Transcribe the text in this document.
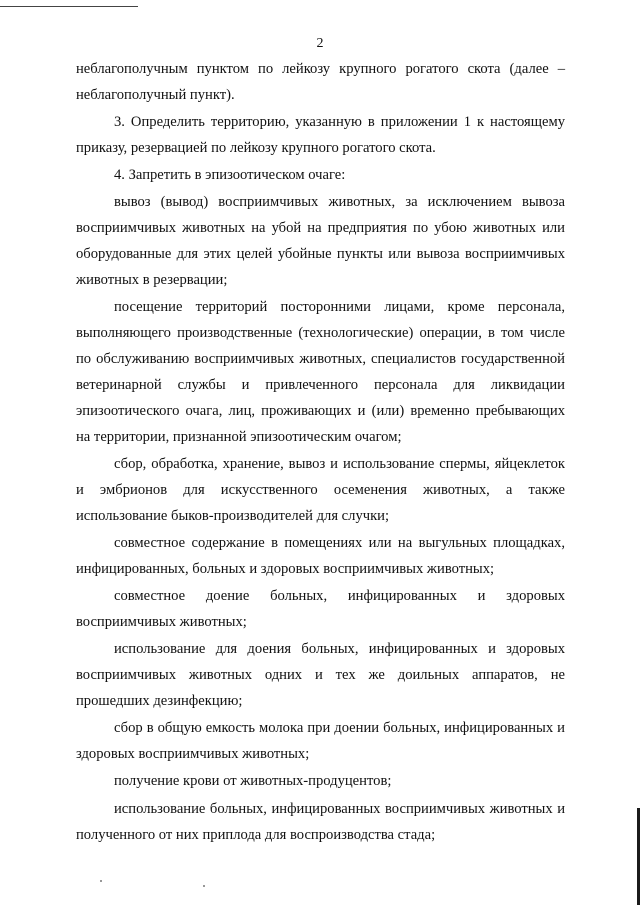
2

неблагополучным пунктом по лейкозу крупного рогатого скота (далее – неблагополучный пункт).

3. Определить территорию, указанную в приложении 1 к настоящему приказу, резервацией по лейкозу крупного рогатого скота.

4. Запретить в эпизоотическом очаге:

вывоз (вывод) восприимчивых животных, за исключением вывоза восприимчивых животных на убой на предприятия по убою животных или оборудованные для этих целей убойные пункты или вывоза восприимчивых животных в резервации;

посещение территорий посторонними лицами, кроме персонала, выполняющего производственные (технологические) операции, в том числе по обслуживанию восприимчивых животных, специалистов государственной ветеринарной службы и привлеченного персонала для ликвидации эпизоотического очага, лиц, проживающих и (или) временно пребывающих на территории, признанной эпизоотическим очагом;

сбор, обработка, хранение, вывоз и использование спермы, яйцеклеток и эмбрионов для искусственного осеменения животных, а также использование быков-производителей для случки;

совместное содержание в помещениях или на выгульных площадках, инфицированных, больных и здоровых восприимчивых животных;

совместное доение больных, инфицированных и здоровых восприимчивых животных;

использование для доения больных, инфицированных и здоровых восприимчивых животных одних и тех же доильных аппаратов, не прошедших дезинфекцию;

сбор в общую емкость молока при доении больных, инфицированных и здоровых восприимчивых животных;

получение крови от животных-продуцентов;

использование больных, инфицированных восприимчивых животных и полученного от них приплода для воспроизводства стада;
